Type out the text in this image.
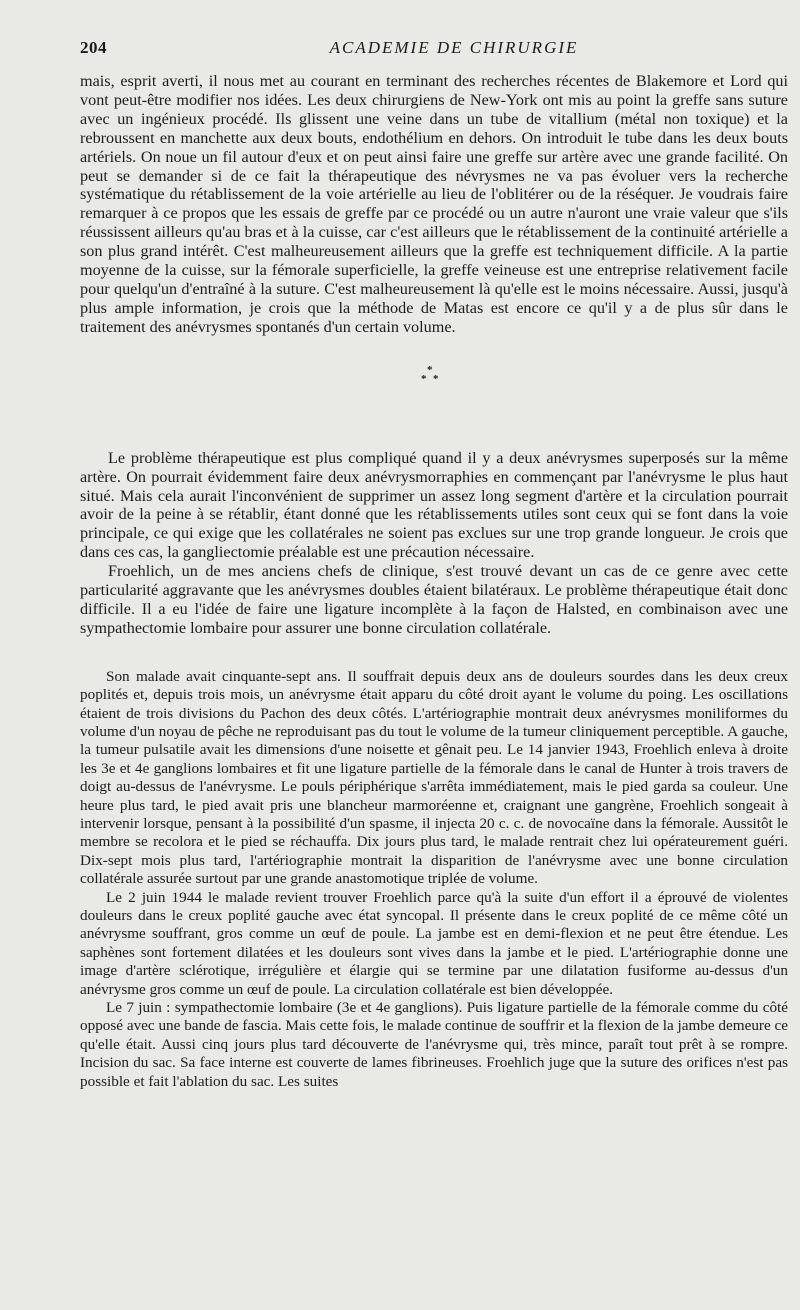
204	ACADEMIE DE CHIRURGIE

mais, esprit averti, il nous met au courant en terminant des recherches récentes de Blakemore et Lord qui vont peut-être modifier nos idées. Les deux chirurgiens de New-York ont mis au point la greffe sans suture avec un ingénieux procédé. Ils glissent une veine dans un tube de vitallium (métal non toxique) et la rebroussent en manchette aux deux bouts, endothélium en dehors. On introduit le tube dans les deux bouts artériels. On noue un fil autour d'eux et on peut ainsi faire une greffe sur artère avec une grande facilité. On peut se demander si de ce fait la thérapeutique des névrysmes ne va pas évoluer vers la recherche systématique du rétablissement de la voie artérielle au lieu de l'oblitérer ou de la réséquer. Je voudrais faire remarquer à ce propos que les essais de greffe par ce procédé ou un autre n'auront une vraie valeur que s'ils réussissent ailleurs qu'au bras et à la cuisse, car c'est ailleurs que le rétablissement de la continuité artérielle a son plus grand intérêt. C'est malheureusement ailleurs que la greffe est techniquement difficile. A la partie moyenne de la cuisse, sur la fémorale superficielle, la greffe veineuse est une entreprise relativement facile pour quelqu'un d'entraîné à la suture. C'est malheureusement là qu'elle est le moins nécessaire. Aussi, jusqu'à plus ample information, je crois que la méthode de Matas est encore ce qu'il y a de plus sûr dans le traitement des anévrysmes spontanés d'un certain volume.

*
* *

Le problème thérapeutique est plus compliqué quand il y a deux anévrysmes superposés sur la même artère. On pourrait évidemment faire deux anévrysmorraphies en commençant par l'anévrysme le plus haut situé. Mais cela aurait l'inconvénient de supprimer un assez long segment d'artère et la circulation pourrait avoir de la peine à se rétablir, étant donné que les rétablissements utiles sont ceux qui se font dans la voie principale, ce qui exige que les collatérales ne soient pas exclues sur une trop grande longueur. Je crois que dans ces cas, la gangliectomie préalable est une précaution nécessaire.

Froehlich, un de mes anciens chefs de clinique, s'est trouvé devant un cas de ce genre avec cette particularité aggravante que les anévrysmes doubles étaient bilatéraux. Le problème thérapeutique était donc difficile. Il a eu l'idée de faire une ligature incomplète à la façon de Halsted, en combinaison avec une sympathectomie lombaire pour assurer une bonne circulation collatérale.

Son malade avait cinquante-sept ans. Il souffrait depuis deux ans de douleurs sourdes dans les deux creux poplités et, depuis trois mois, un anévrysme était apparu du côté droit ayant le volume du poing. Les oscillations étaient de trois divisions du Pachon des deux côtés. L'artériographie montrait deux anévrysmes moniliformes du volume d'un noyau de pêche ne reproduisant pas du tout le volume de la tumeur cliniquement perceptible. A gauche, la tumeur pulsatile avait les dimensions d'une noisette et gênait peu. Le 14 janvier 1943, Froehlich enleva à droite les 3e et 4e ganglions lombaires et fit une ligature partielle de la fémorale dans le canal de Hunter à trois travers de doigt au-dessus de l'anévrysme. Le pouls périphérique s'arrêta immédiatement, mais le pied garda sa couleur. Une heure plus tard, le pied avait pris une blancheur marmoréenne et, craignant une gangrène, Froehlich songeait à intervenir lorsque, pensant à la possibilité d'un spasme, il injecta 20 c. c. de novocaïne dans la fémorale. Aussitôt le membre se recolora et le pied se réchauffa. Dix jours plus tard, le malade rentrait chez lui opérateurement guéri. Dix-sept mois plus tard, l'artériographie montrait la disparition de l'anévrysme avec une bonne circulation collatérale assurée surtout par une grande anastomotique triplée de volume.

Le 2 juin 1944 le malade revient trouver Froehlich parce qu'à la suite d'un effort il a éprouvé de violentes douleurs dans le creux poplité gauche avec état syncopal. Il présente dans le creux poplité de ce même côté un anévrysme souffrant, gros comme un œuf de poule. La jambe est en demi-flexion et ne peut être étendue. Les saphènes sont fortement dilatées et les douleurs sont vives dans la jambe et le pied. L'artériographie donne une image d'artère sclérotique, irrégulière et élargie qui se termine par une dilatation fusiforme au-dessus d'un anévrysme gros comme un œuf de poule. La circulation collatérale est bien développée.

Le 7 juin : sympathectomie lombaire (3e et 4e ganglions). Puis ligature partielle de la fémorale comme du côté opposé avec une bande de fascia. Mais cette fois, le malade continue de souffrir et la flexion de la jambe demeure ce qu'elle était. Aussi cinq jours plus tard découverte de l'anévrysme qui, très mince, paraît tout prêt à se rompre. Incision du sac. Sa face interne est couverte de lames fibrineuses. Froehlich juge que la suture des orifices n'est pas possible et fait l'ablation du sac. Les suites
